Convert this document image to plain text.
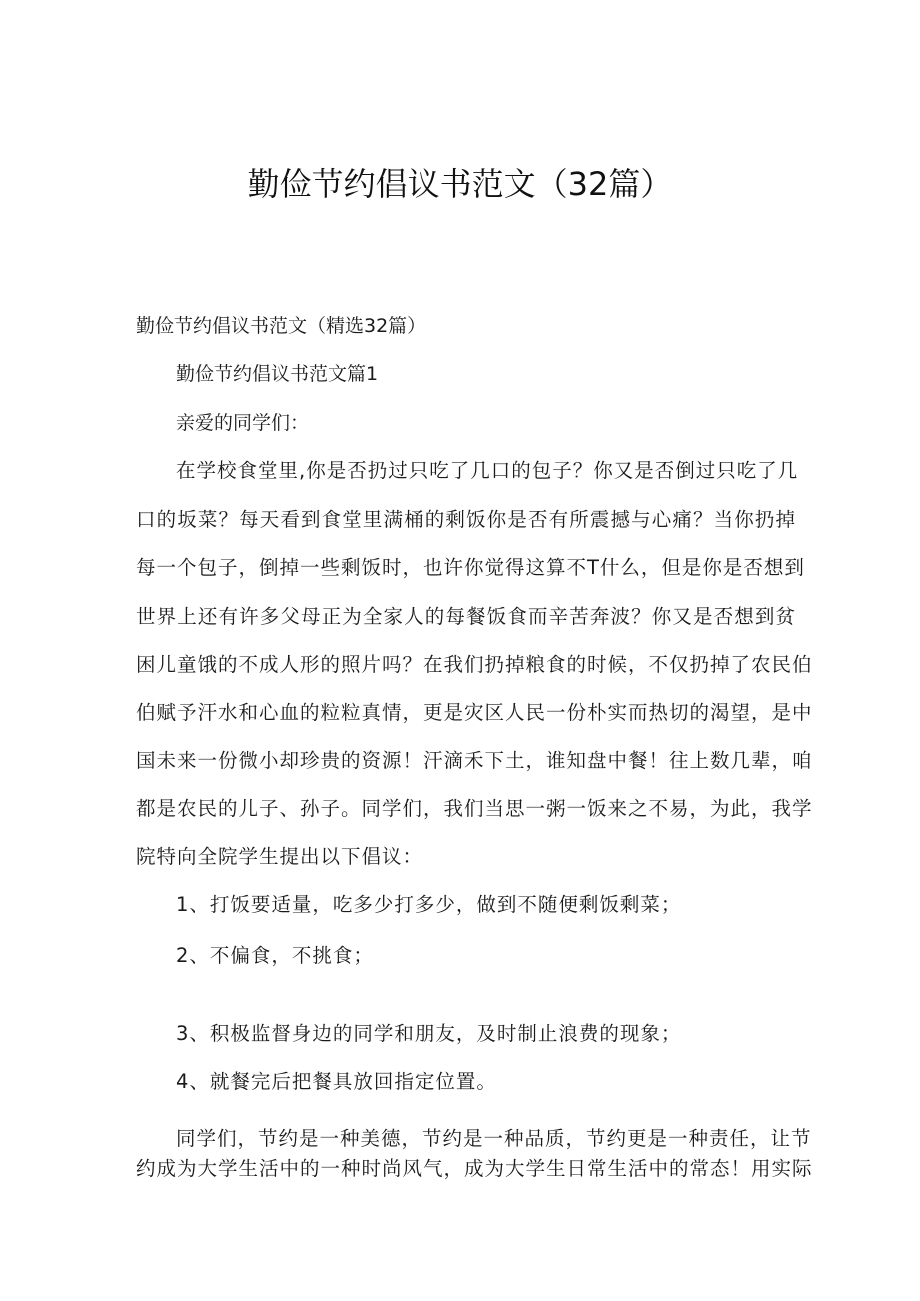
勤俭节约倡议书范文（32篇）

勤俭节约倡议书范文（精选32篇）

勤俭节约倡议书范文篇1

亲爱的同学们：

在学校食堂里,你是否扔过只吃了几口的包子？你又是否倒过只吃了几

口的坂菜？每天看到食堂里满桶的剩饭你是否有所震撼与心痛？当你扔掉

每一个包子，倒掉一些剩饭时，也许你觉得这算不T什么，但是你是否想到

世界上还有许多父母正为全家人的每餐饭食而辛苦奔波？你又是否想到贫

困儿童饿的不成人形的照片吗？在我们扔掉粮食的时候，不仅扔掉了农民伯

伯赋予汗水和心血的粒粒真情，更是灾区人民一份朴实而热切的渴望，是中

国未来一份微小却珍贵的资源！汗滴禾下土，谁知盘中餐！往上数几辈，咱

都是农民的儿子、孙子。同学们，我们当思一粥一饭来之不易，为此，我学

院特向全院学生提出以下倡议：

1、打饭要适量，吃多少打多少，做到不随便剩饭剩菜；

2、不偏食，不挑食；

3、积极监督身边的同学和朋友，及时制止浪费的现象；

4、就餐完后把餐具放回指定位置。

同学们，节约是一种美德，节约是一种品质，节约更是一种责任，让节

约成为大学生活中的一种时尚风气，成为大学生日常生活中的常态！用实际
